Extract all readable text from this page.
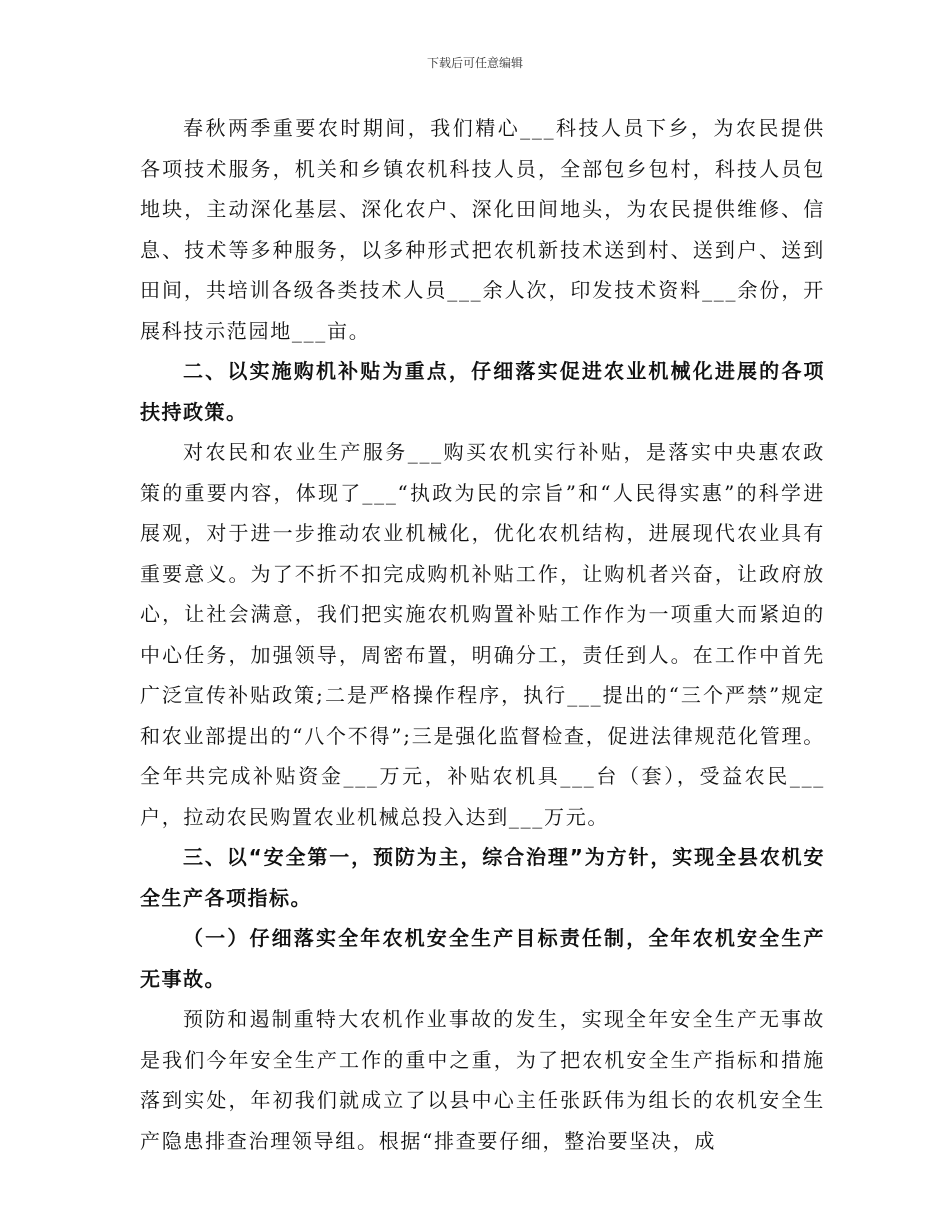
下载后可任意编辑

春秋两季重要农时期间，我们精心___科技人员下乡，为农民提供各项技术服务，机关和乡镇农机科技人员，全部包乡包村，科技人员包地块，主动深化基层、深化农户、深化田间地头，为农民提供维修、信息、技术等多种服务，以多种形式把农机新技术送到村、送到户、送到田间，共培训各级各类技术人员___余人次，印发技术资料___余份，开展科技示范园地___亩。

二、以实施购机补贴为重点，仔细落实促进农业机械化进展的各项扶持政策。

对农民和农业生产服务___购买农机实行补贴，是落实中央惠农政策的重要内容，体现了___“执政为民的宗旨”和“人民得实惠”的科学进展观，对于进一步推动农业机械化，优化农机结构，进展现代农业具有重要意义。为了不折不扣完成购机补贴工作，让购机者兴奋，让政府放心，让社会满意，我们把实施农机购置补贴工作作为一项重大而紧迫的中心任务，加强领导，周密布置，明确分工，责任到人。在工作中首先广泛宣传补贴政策;二是严格操作程序，执行___提出的“三个严禁”规定和农业部提出的“八个不得”;三是强化监督检查，促进法律规范化管理。全年共完成补贴资金___万元，补贴农机具___台（套），受益农民___户，拉动农民购置农业机械总投入达到___万元。

三、以“安全第一，预防为主，综合治理”为方针，实现全县农机安全生产各项指标。

（一）仔细落实全年农机安全生产目标责任制，全年农机安全生产无事故。

预防和遏制重特大农机作业事故的发生，实现全年安全生产无事故是我们今年安全生产工作的重中之重，为了把农机安全生产指标和措施落到实处，年初我们就成立了以县中心主任张跃伟为组长的农机安全生产隐患排查治理领导组。根据“排查要仔细，整治要坚决，成
